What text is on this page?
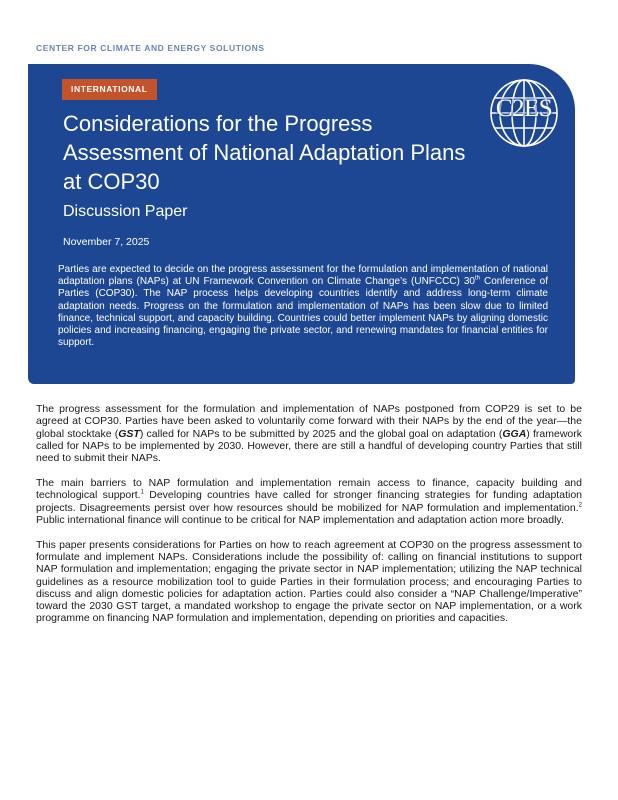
CENTER FOR CLIMATE AND ENERGY SOLUTIONS
INTERNATIONAL
C2ES
Considerations for the Progress Assessment of National Adaptation Plans at COP30
Discussion Paper
November 7, 2025

Parties are expected to decide on the progress assessment for the formulation and implementation of national adaptation plans (NAPs) at UN Framework Convention on Climate Change’s (UNFCCC) 30th Conference of Parties (COP30). The NAP process helps developing countries identify and address long-term climate adaptation needs. Progress on the formulation and implementation of NAPs has been slow due to limited finance, technical support, and capacity building. Countries could better implement NAPs by aligning domestic policies and increasing financing, engaging the private sector, and renewing mandates for financial entities for support.

The progress assessment for the formulation and implementation of NAPs postponed from COP29 is set to be agreed at COP30. Parties have been asked to voluntarily come forward with their NAPs by the end of the year—the global stocktake (GST) called for NAPs to be submitted by 2025 and the global goal on adaptation (GGA) framework called for NAPs to be implemented by 2030. However, there are still a handful of developing country Parties that still need to submit their NAPs.

The main barriers to NAP formulation and implementation remain access to finance, capacity building and technological support.$^1$ Developing countries have called for stronger financing strategies for funding adaptation projects. Disagreements persist over how resources should be mobilized for NAP formulation and implementation.$^2$ Public international finance will continue to be critical for NAP implementation and adaptation action more broadly.

This paper presents considerations for Parties on how to reach agreement at COP30 on the progress assessment to formulate and implement NAPs. Considerations include the possibility of: calling on financial institutions to support NAP formulation and implementation; engaging the private sector in NAP implementation; utilizing the NAP technical guidelines as a resource mobilization tool to guide Parties in their formulation process; and encouraging Parties to discuss and align domestic policies for adaptation action. Parties could also consider a “NAP Challenge/Imperative” toward the 2030 GST target, a mandated workshop to engage the private sector on NAP implementation, or a work programme on financing NAP formulation and implementation, depending on priorities and capacities.
